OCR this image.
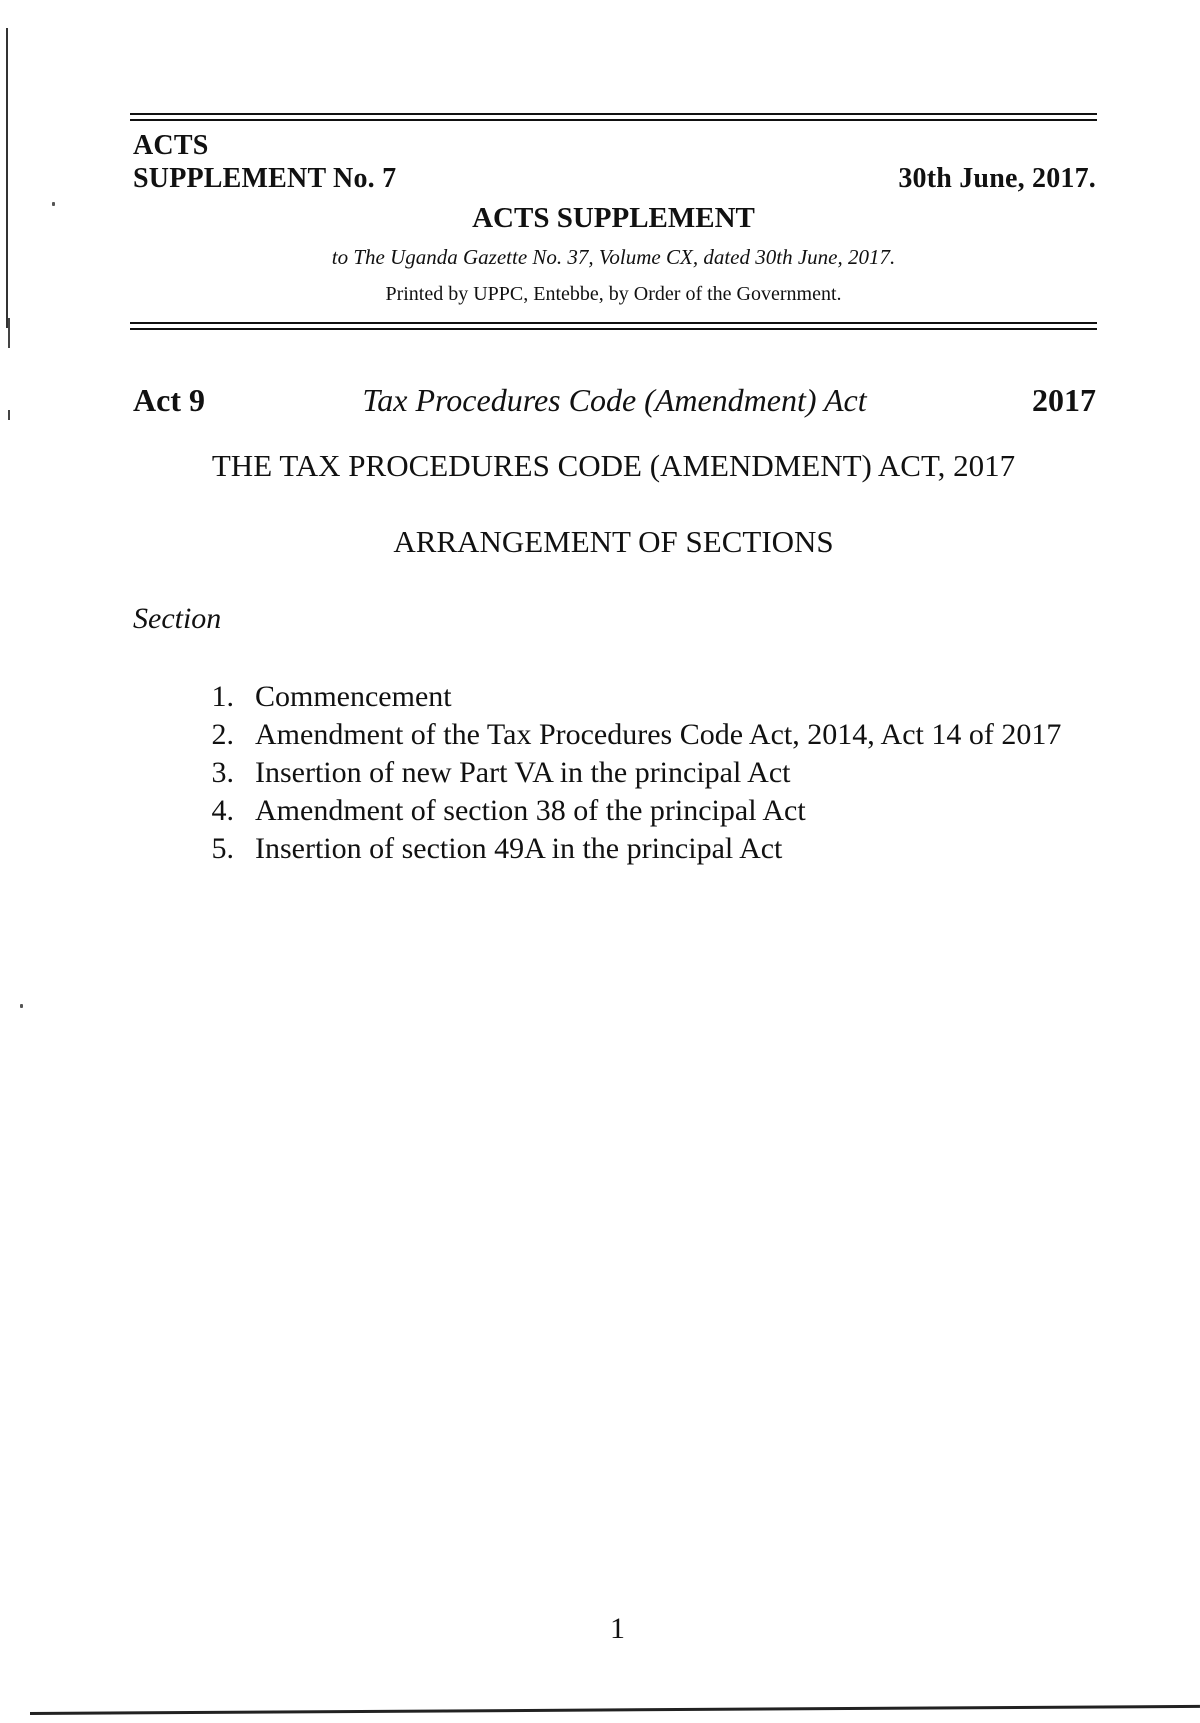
ACTS
SUPPLEMENT No. 7	30th June, 2017.
ACTS SUPPLEMENT
to The Uganda Gazette No. 37, Volume CX, dated 30th June, 2017.
Printed by UPPC, Entebbe, by Order of the Government.
Tax Procedures Code (Amendment) Act
Act 9	2017
THE TAX PROCEDURES CODE (AMENDMENT) ACT, 2017
ARRANGEMENT OF SECTIONS
Section
1. Commencement
2. Amendment of the Tax Procedures Code Act, 2014, Act 14 of 2017
3. Insertion of new Part VA in the principal Act
4. Amendment of section 38 of the principal Act
5. Insertion of section 49A in the principal Act
1
